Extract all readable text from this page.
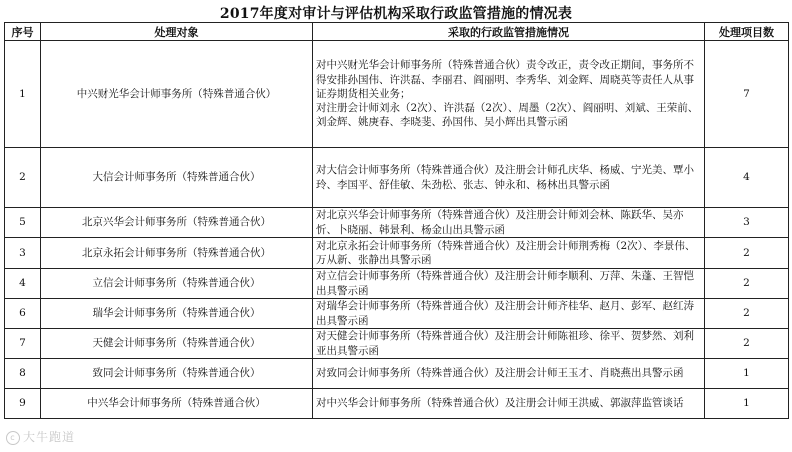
2017年度对审计与评估机构采取行政监管措施的情况表
序号	处理对象	采取的行政监管措施情况	处理项目数
1	中兴财光华会计师事务所（特殊普通合伙）	对中兴财光华会计师事务所（特殊普通合伙）责令改正，责令改正期间，事务所不得安排孙国伟、许洪磊、李丽君、阎丽明、李秀华、刘金辉、周晓英等责任人从事证券期货相关业务；
对注册会计师刘永（2次）、许洪磊（2次）、周墨（2次）、阎丽明、刘斌、王荣前、刘金辉、姚庚春、李晓斐、孙国伟、吴小辉出具警示函	7
2	大信会计师事务所（特殊普通合伙）	对大信会计师事务所（特殊普通合伙）及注册会计师孔庆华、杨威、宁光美、覃小玲、李国平、舒佳敏、朱劲松、张志、钟永和、杨林出具警示函	4
5	北京兴华会计师事务所（特殊普通合伙）	对北京兴华会计师事务所（特殊普通合伙）及注册会计师刘会林、陈跃华、吴亦忻、卜晓丽、韩景利、杨金山出具警示函	3
3	北京永拓会计师事务所（特殊普通合伙）	对北京永拓会计师事务所（特殊普通合伙）及注册会计师荆秀梅（2次）、李景伟、万从新、张静出具警示函	2
4	立信会计师事务所（特殊普通合伙）	对立信会计师事务所（特殊普通合伙）及注册会计师李顺利、万萍、朱蓬、王智恺出具警示函	2
6	瑞华会计师事务所（特殊普通合伙）	对瑞华会计师事务所（特殊普通合伙）及注册会计师齐桂华、赵月、彭军、赵红涛出具警示函	2
7	天健会计师事务所（特殊普通合伙）	对天健会计师事务所（特殊普通合伙）及注册会计师陈祖珍、徐平、贺梦然、刘利亚出具警示函	2
8	致同会计师事务所（特殊普通合伙）	对致同会计师事务所（特殊普通合伙）及注册会计师王玉才、肖晓燕出具警示函	1
9	中兴华会计师事务所（特殊普通合伙）	对中兴华会计师事务所（特殊普通合伙）及注册会计师王洪威、郭淑萍监管谈话	1
c 大牛跑道
